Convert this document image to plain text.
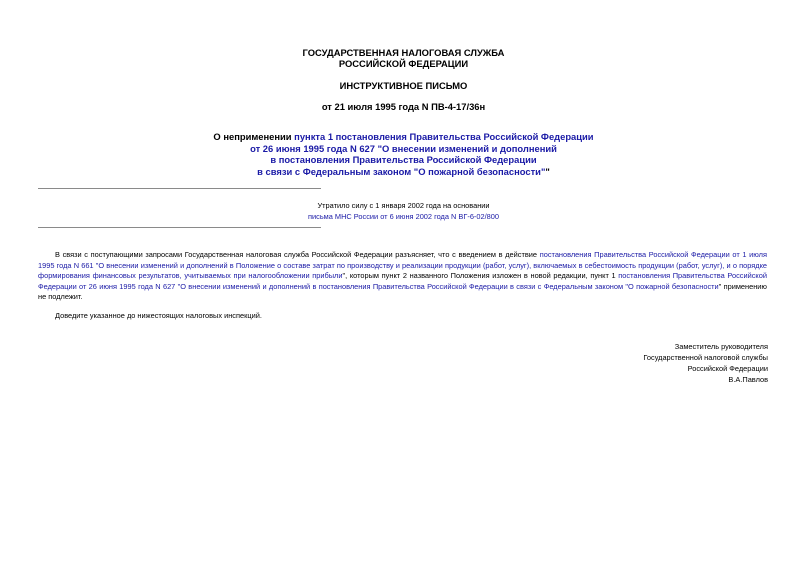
ГОСУДАРСТВЕННАЯ НАЛОГОВАЯ СЛУЖБА
РОССИЙСКОЙ ФЕДЕРАЦИИ
ИНСТРУКТИВНОЕ ПИСЬМО
от 21 июля 1995 года N ПВ-4-17/36н
О неприменении пункта 1 постановления Правительства Российской Федерации
от 26 июня 1995 года N 627 "О внесении изменений и дополнений
в постановления Правительства Российской Федерации
в связи с Федеральным законом "О пожарной безопасности""
Утратило силу с 1 января 2002 года на основании
письма МНС России от 6 июня 2002 года N ВГ-6-02/800
В связи с поступающими запросами Государственная налоговая служба Российской Федерации разъясняет, что с введением в действие постановления Правительства Российской Федерации от 1 июля 1995 года N 661 "О внесении изменений и дополнений в Положение о составе затрат по производству и реализации продукции (работ, услуг), включаемых в себестоимость продукции (работ, услуг), и о порядке формирования финансовых результатов, учитываемых при налогообложении прибыли", которым пункт 2 названного Положения изложен в новой редакции, пункт 1 постановления Правительства Российской Федерации от 26 июня 1995 года N 627 "О внесении изменений и дополнений в постановления Правительства Российской Федерации в связи с Федеральным законом "О пожарной безопасности" применению не подлежит.
Доведите указанное до нижестоящих налоговых инспекций.
Заместитель руководителя
Государственной налоговой службы
Российской Федерации
В.А.Павлов
